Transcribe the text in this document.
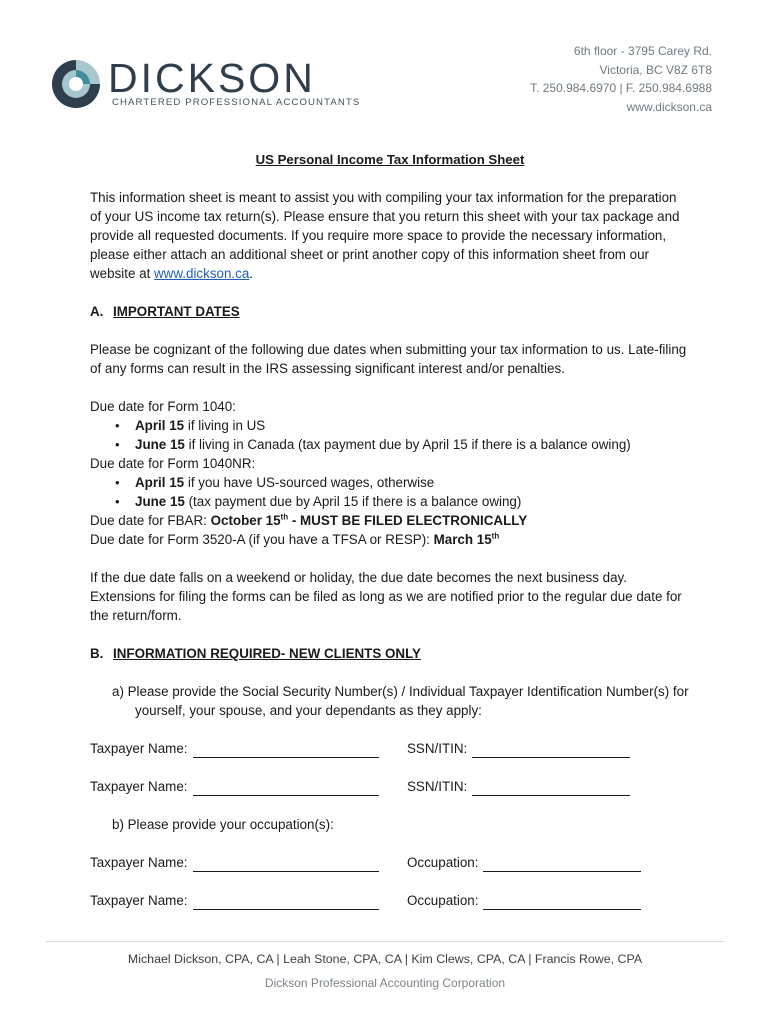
DICKSON
CHARTERED PROFESSIONAL ACCOUNTANTS
6th floor - 3795 Carey Rd.
Victoria, BC V8Z 6T8
T. 250.984.6970 | F. 250.984.6988
www.dickson.ca
US Personal Income Tax Information Sheet

This information sheet is meant to assist you with compiling your tax information for the preparation of your US income tax return(s). Please ensure that you return this sheet with your tax package and provide all requested documents. If you require more space to provide the necessary information, please either attach an additional sheet or print another copy of this information sheet from our website at www.dickson.ca.

A. IMPORTANT DATES

Please be cognizant of the following due dates when submitting your tax information to us. Late-filing of any forms can result in the IRS assessing significant interest and/or penalties.

Due date for Form 1040:

• April 15 if living in US
• June 15 if living in Canada (tax payment due by April 15 if there is a balance owing)

Due date for Form 1040NR:

• April 15 if you have US-sourced wages, otherwise
• June 15 (tax payment due by April 15 if there is a balance owing)

Due date for FBAR: October 15th - MUST BE FILED ELECTRONICALLY

Due date for Form 3520-A (if you have a TFSA or RESP): March 15th

If the due date falls on a weekend or holiday, the due date becomes the next business day. Extensions for filing the forms can be filed as long as we are notified prior to the regular due date for the return/form.

B. INFORMATION REQUIRED- NEW CLIENTS ONLY

a) Please provide the Social Security Number(s) / Individual Taxpayer Identification Number(s) for yourself, your spouse, and your dependants as they apply:

Taxpayer Name:	SSN/ITIN:
Taxpayer Name:	SSN/ITIN:

b) Please provide your occupation(s):

Taxpayer Name:	Occupation:
Taxpayer Name:	Occupation:
Michael Dickson, CPA, CA | Leah Stone, CPA, CA | Kim Clews, CPA, CA | Francis Rowe, CPA
Dickson Professional Accounting Corporation
